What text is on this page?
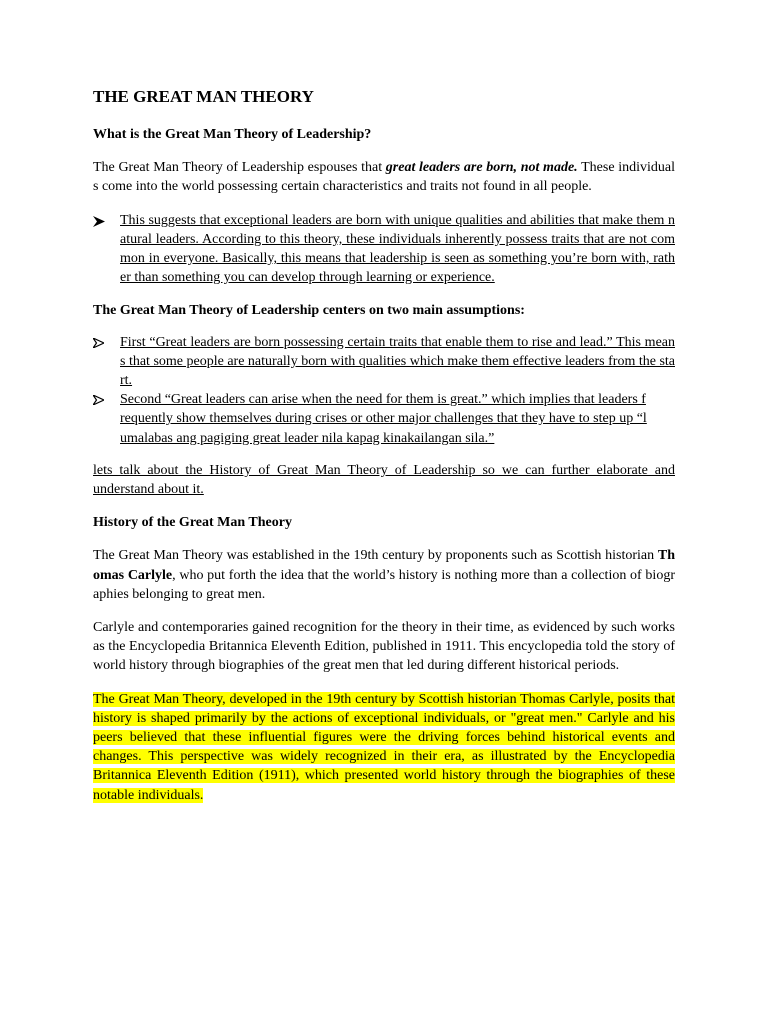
THE GREAT MAN THEORY
What is the Great Man Theory of Leadership?

The Great Man Theory of Leadership espouses that great leaders are born, not made. These individuals come into the world possessing certain characteristics and traits not found in all people.

This suggests that exceptional leaders are born with unique qualities and abilities that make them natural leaders. According to this theory, these individuals inherently possess traits that are not common in everyone. Basically, this means that leadership is seen as something you’re born with, rather than something you can develop through learning or experience.
The Great Man Theory of Leadership centers on two main assumptions:
First “Great leaders are born possessing certain traits that enable them to rise and lead.” This means that some people are naturally born with qualities which make them effective leaders from the start.
Second “Great leaders can arise when the need for them is great.” which implies that leaders frequently show themselves during crises or other major challenges that they have to step up “lumalabas ang pagiging great leader nila kapag kinakailangan sila.”

lets talk about the History of Great Man Theory of Leadership so we can further elaborate and understand about it.

History of the Great Man Theory

The Great Man Theory was established in the 19th century by proponents such as Scottish historian Thomas Carlyle, who put forth the idea that the world’s history is nothing more than a collection of biographies belonging to great men.

Carlyle and contemporaries gained recognition for the theory in their time, as evidenced by such works as the Encyclopedia Britannica Eleventh Edition, published in 1911. This encyclopedia told the story of world history through biographies of the great men that led during different historical periods.

The Great Man Theory, developed in the 19th century by Scottish historian Thomas Carlyle, posits that history is shaped primarily by the actions of exceptional individuals, or "great men." Carlyle and his peers believed that these influential figures were the driving forces behind historical events and changes. This perspective was widely recognized in their era, as illustrated by the Encyclopedia Britannica Eleventh Edition (1911), which presented world history through the biographies of these notable individuals.
